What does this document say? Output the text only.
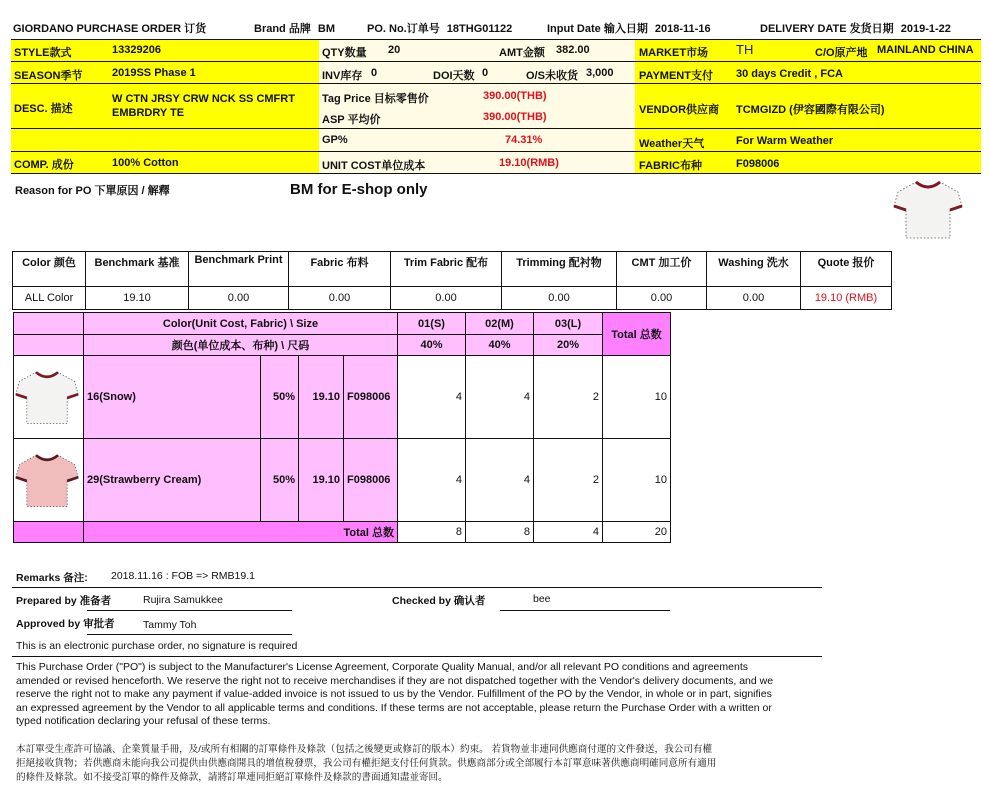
GIORDANO PURCHASE ORDER 订货	Brand 品牌 BM	PO. No.订单号 18THG01122	Input Date 输入日期 2018-11-16	DELIVERY DATE 发货日期 2019-1-22
STYLE款式	13329206
SEASON季节	2019SS Phase 1
DESC. 描述
W CTN JRSY CRW NCK SS CMFRT
EMBRDRY TE
COMP. 成份	100% Cotton
QTY数量 20	AMT金额 382.00
INV库存 0	DOI天数 0	O/S未收货 3,000
Tag Price 目标零售价	390.00(THB)
ASP 平均价	390.00(THB)
GP%	74.31%
UNIT COST单位成本	19.10(RMB)
MARKET市场 TH	C/O原产地 MAINLAND CHINA
PAYMENT支付 30 days Credit , FCA
VENDOR供应商 TCMGIZD (伊容國際有限公司)
Weather天气	For Warm Weather
FABRIC布种	F098006
Reason for PO 下單原因 / 解釋	BM for E-shop only
Color 颜色	Benchmark 基准	Benchmark Print	Fabric 布料	Trim Fabric 配布	Trimming 配衬物	CMT 加工价	Washing 洗水	Quote 报价
ALL Color	19.10	0.00	0.00	0.00	0.00	0.00	0.00	19.10 (RMB)
	Color(Unit Cost, Fabric) \ Size				01(S)	02(M)	03(L)	Total 总数
	颜色(单位成本、布种) \ 尺码				40%	40%	20%	

	16(Snow)	50%	19.10	F098006	4	4	2	10

	29(Strawberry Cream)	50%	19.10	F098006	4	4	2	10
	Total 总数				8	8	4	20
Remarks 备注: 2018.11.16 : FOB => RMB19.1
Prepared by 准备者	Rujira Samukkee	Checked by 确认者	bee
Approved by 审批者	Tammy Toh
This is an electronic purchase order, no signature is required
This Purchase Order ("PO") is subject to the Manufacturer's License Agreement, Corporate Quality Manual, and/or all relevant PO conditions and agreements
amended or revised henceforth. We reserve the right not to receive merchandises if they are not dispatched together with the Vendor's delivery documents, and we
reserve the right not to make any payment if value-added invoice is not issued to us by the Vendor. Fulfillment of the PO by the Vendor, in whole or in part, signifies
an expressed agreement by the Vendor to all applicable terms and conditions. If these terms are not acceptable, please return the Purchase Order with a written or
typed notification declaring your refusal of these terms.
本訂單受生產許可協議、企業質量手冊，及/或所有相關的訂單條件及條款（包括之後變更或修訂的版本）約束。 若貨物並非連同供應商付運的文件發送，我公司有權
拒絕接收貨物；若供應商未能向我公司提供由供應商開具的增值稅發票，我公司有權拒絕支付任何貨款。供應商部分或全部履行本訂單意味著供應商明確同意所有適用
的條件及條款。如不接受訂單的條件及條款，請將訂單連同拒絕訂單條件及條款的書面通知盡並寄回。
